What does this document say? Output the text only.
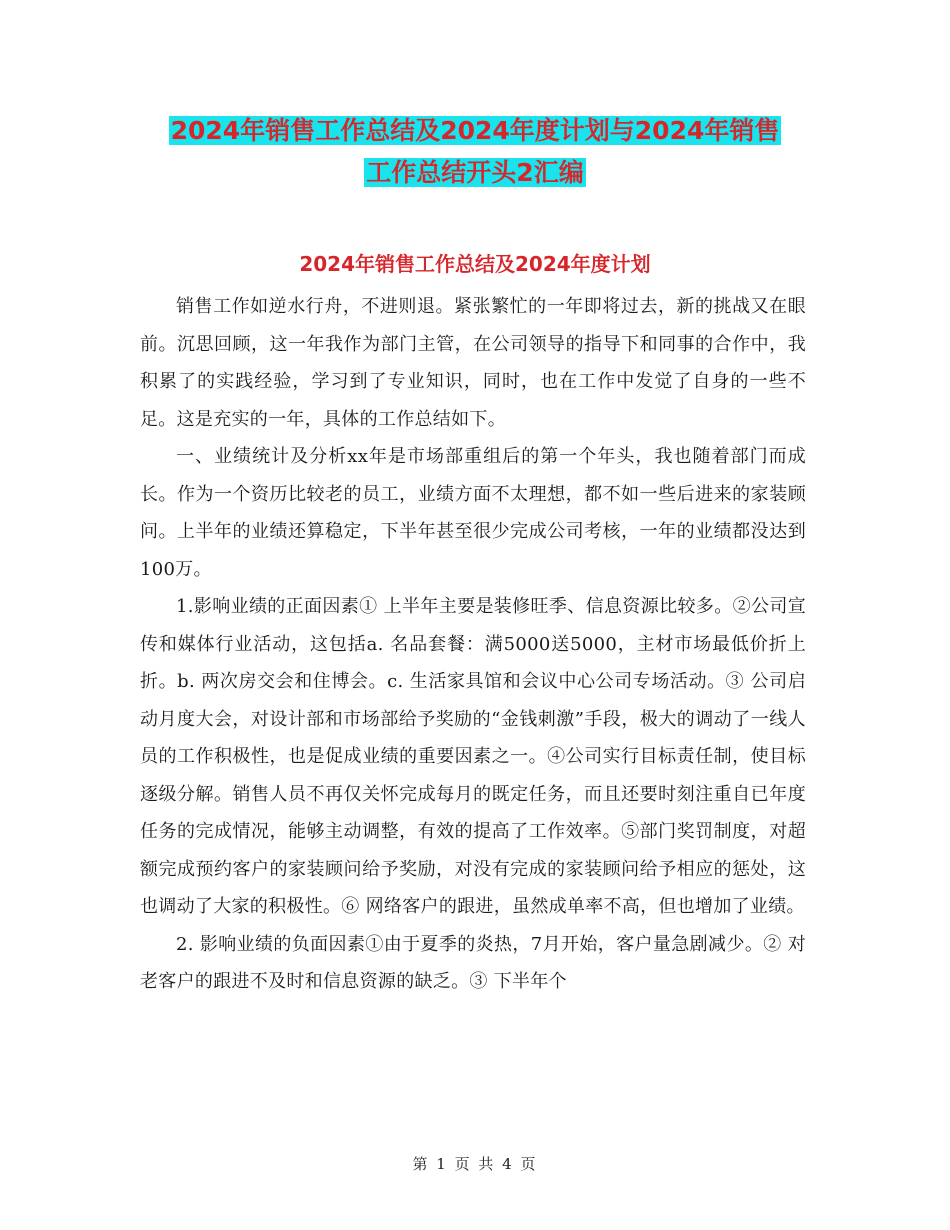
2024年销售工作总结及2024年度计划与2024年销售
工作总结开头2汇编
2024年销售工作总结及2024年度计划

销售工作如逆水行舟，不进则退。紧张繁忙的一年即将过去，新的挑战又在眼前。沉思回顾，这一年我作为部门主管，在公司领导的指导下和同事的合作中，我积累了的实践经验，学习到了专业知识，同时，也在工作中发觉了自身的一些不足。这是充实的一年，具体的工作总结如下。

一、业绩统计及分析xx年是市场部重组后的第一个年头，我也随着部门而成长。作为一个资历比较老的员工，业绩方面不太理想，都不如一些后进来的家装顾问。上半年的业绩还算稳定，下半年甚至很少完成公司考核，一年的业绩都没达到100万。

1.影响业绩的正面因素① 上半年主要是装修旺季、信息资源比较多。②公司宣传和媒体行业活动，这包括a. 名品套餐：满5000送5000，主材市场最低价折上折。b. 两次房交会和住博会。c. 生活家具馆和会议中心公司专场活动。③ 公司启动月度大会，对设计部和市场部给予奖励的“金钱刺激”手段，极大的调动了一线人员的工作积极性，也是促成业绩的重要因素之一。④公司实行目标责任制，使目标逐级分解。销售人员不再仅关怀完成每月的既定任务，而且还要时刻注重自已年度任务的完成情况，能够主动调整，有效的提高了工作效率。⑤部门奖罚制度，对超额完成预约客户的家装顾问给予奖励，对没有完成的家装顾问给予相应的惩处，这也调动了大家的积极性。⑥ 网络客户的跟进，虽然成单率不高，但也增加了业绩。

2. 影响业绩的负面因素①由于夏季的炎热，7月开始，客户量急剧减少。② 对老客户的跟进不及时和信息资源的缺乏。③ 下半年个

第 1 页 共 4 页
